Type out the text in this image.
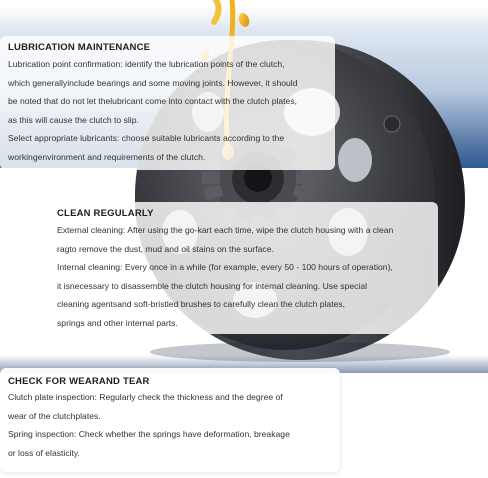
LUBRICATION MAINTENANCE

Lubrication point confirmation: identify the lubrication points of the clutch,

which generallyinclude bearings and some moving joints. However, it should

be noted that do not let thelubricant come into contact with the clutch plates,

as this will cause the clutch to slip.

Select appropriate lubricants: choose suitable lubricants according to the

workingenvironment and requirements of the clutch.

CLEAN REGULARLY

External cleaning: After using the go-kart each time, wipe the clutch housing with a clean

ragto remove the dust, mud and oil stains on the surface.

Internal cleaning: Every once in a while (for example, every 50 - 100 hours of operation),

it isnecessary to disassemble the clutch housing for internal cleaning. Use special

cleaning agentsand soft-bristled brushes to carefully clean the clutch plates,

springs and other internal parts.

CHECK FOR WEARAND TEAR

Clutch plate inspection: Regularly check the thickness and the degree of

wear of the clutchplates.

Spring inspection: Check whether the springs have deformation, breakage

or loss of elasticity.
